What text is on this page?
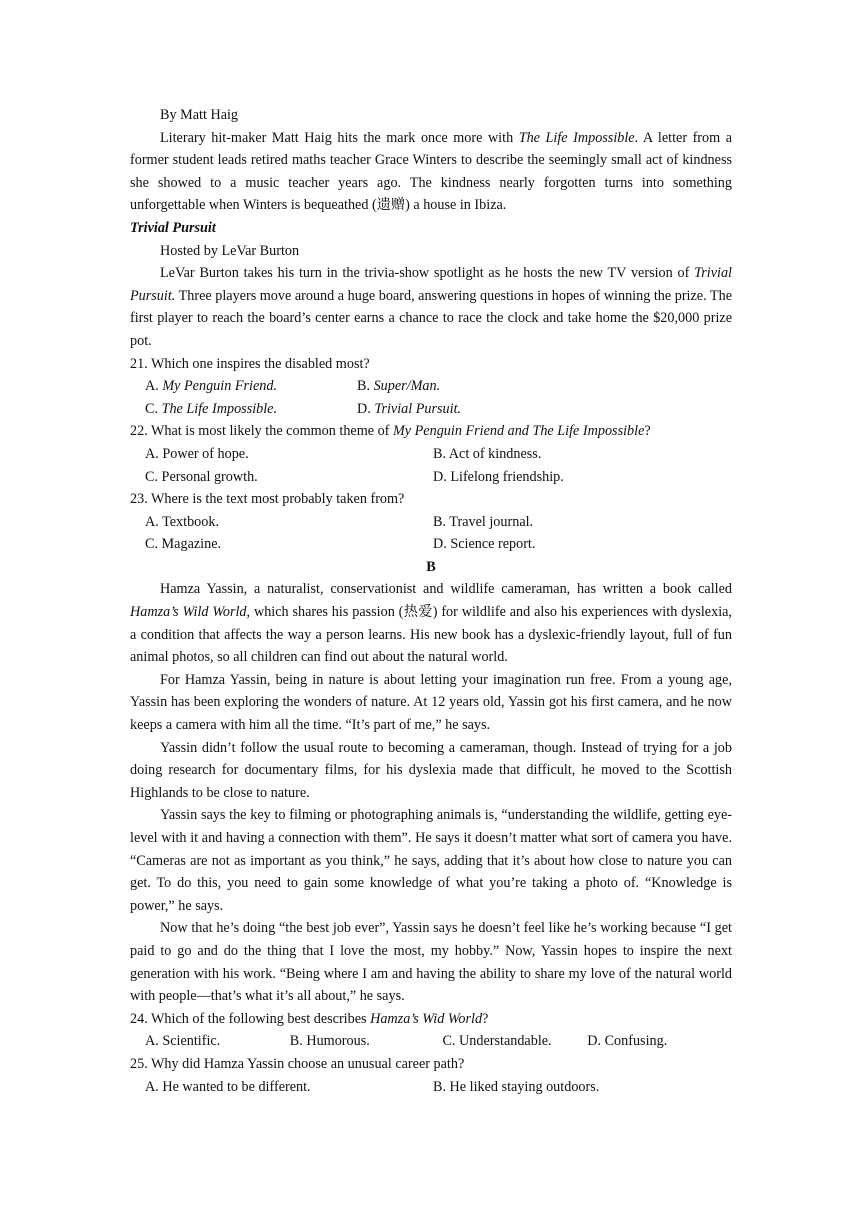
By Matt Haig
Literary hit-maker Matt Haig hits the mark once more with The Life Impossible. A letter from a former student leads retired maths teacher Grace Winters to describe the seemingly small act of kindness she showed to a music teacher years ago. The kindness nearly forgotten turns into something unforgettable when Winters is bequeathed (遗赠) a house in Ibiza.
Trivial Pursuit
Hosted by LeVar Burton
LeVar Burton takes his turn in the trivia-show spotlight as he hosts the new TV version of Trivial Pursuit. Three players move around a huge board, answering questions in hopes of winning the prize. The first player to reach the board’s center earns a chance to race the clock and take home the $20,000 prize pot.
21. Which one inspires the disabled most?
A. My Penguin Friend.	B. Super/Man.
C. The Life Impossible.	D. Trivial Pursuit.
22. What is most likely the common theme of My Penguin Friend and The Life Impossible?
A. Power of hope.	B. Act of kindness.
C. Personal growth.	D. Lifelong friendship.
23. Where is the text most probably taken from?
A. Textbook.	B. Travel journal.
C. Magazine.	D. Science report.
B
Hamza Yassin, a naturalist, conservationist and wildlife cameraman, has written a book called Hamza’s Wild World, which shares his passion (热爱) for wildlife and also his experiences with dyslexia, a condition that affects the way a person learns. His new book has a dyslexic-friendly layout, full of fun animal photos, so all children can find out about the natural world.
For Hamza Yassin, being in nature is about letting your imagination run free. From a young age, Yassin has been exploring the wonders of nature. At 12 years old, Yassin got his first camera, and he now keeps a camera with him all the time. “It’s part of me,” he says.
Yassin didn’t follow the usual route to becoming a cameraman, though. Instead of trying for a job doing research for documentary films, for his dyslexia made that difficult, he moved to the Scottish Highlands to be close to nature.
Yassin says the key to filming or photographing animals is, “understanding the wildlife, getting eye-level with it and having a connection with them”. He says it doesn’t matter what sort of camera you have. “Cameras are not as important as you think,” he says, adding that it’s about how close to nature you can get. To do this, you need to gain some knowledge of what you’re taking a photo of. “Knowledge is power,” he says.
Now that he’s doing “the best job ever”, Yassin says he doesn’t feel like he’s working because “I get paid to go and do the thing that I love the most, my hobby.” Now, Yassin hopes to inspire the next generation with his work. “Being where I am and having the ability to share my love of the natural world with people—that’s what it’s all about,” he says.
24. Which of the following best describes Hamza’s Wid World?
A. Scientific.	B. Humorous.	C. Understandable.	D. Confusing.
25. Why did Hamza Yassin choose an unusual career path?
A. He wanted to be different.	B. He liked staying outdoors.
